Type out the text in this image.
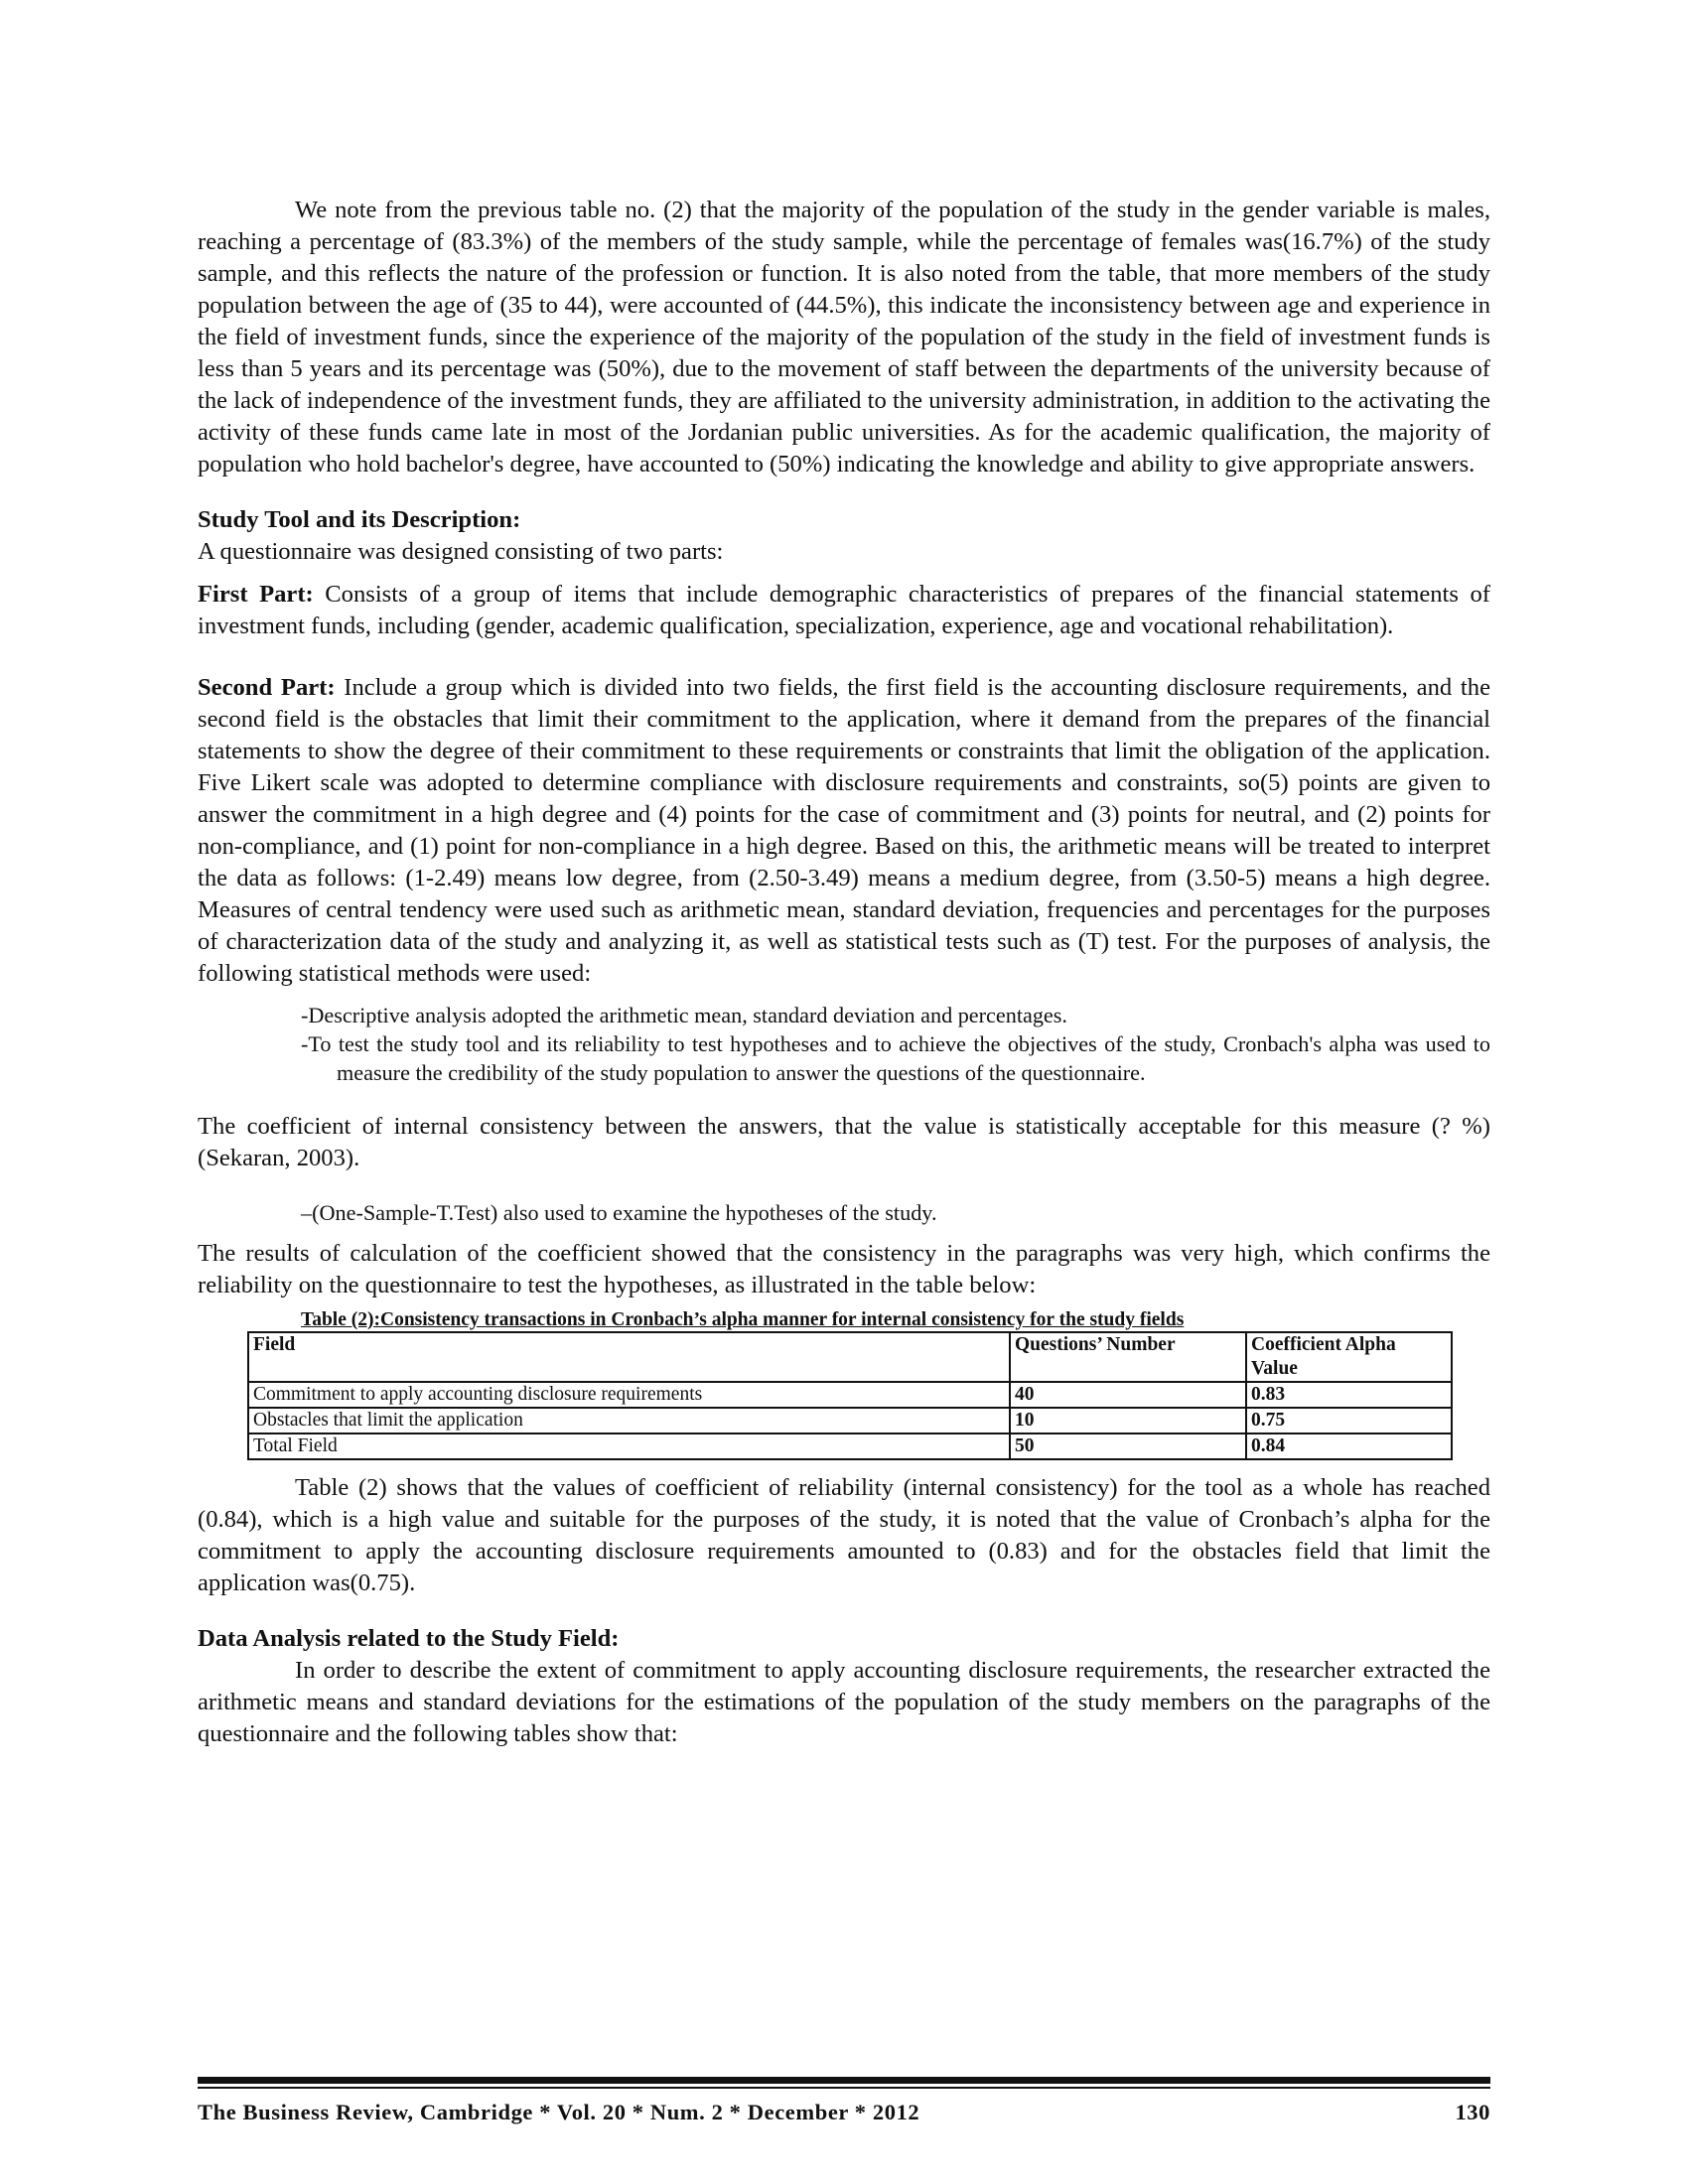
We note from the previous table no. (2) that the majority of the population of the study in the gender variable is males, reaching a percentage of (83.3%) of the members of the study sample, while the percentage of females was(16.7%) of the study sample, and this reflects the nature of the profession or function. It is also noted from the table, that more members of the study population between the age of (35 to 44), were accounted of (44.5%), this indicate the inconsistency between age and experience in the field of investment funds, since the experience of the majority of the population of the study in the field of investment funds is less than 5 years and its percentage was (50%), due to the movement of staff between the departments of the university because of the lack of independence of the investment funds, they are affiliated to the university administration, in addition to the activating the activity of these funds came late in most of the Jordanian public universities. As for the academic qualification, the majority of population who hold bachelor's degree, have accounted to (50%) indicating the knowledge and ability to give appropriate answers.

Study Tool and its Description:

A questionnaire was designed consisting of two parts:

First Part: Consists of a group of items that include demographic characteristics of prepares of the financial statements of investment funds, including (gender, academic qualification, specialization, experience, age and vocational rehabilitation).

Second Part: Include a group which is divided into two fields, the first field is the accounting disclosure requirements, and the second field is the obstacles that limit their commitment to the application, where it demand from the prepares of the financial statements to show the degree of their commitment to these requirements or constraints that limit the obligation of the application. Five Likert scale was adopted to determine compliance with disclosure requirements and constraints, so(5) points are given to answer the commitment in a high degree and (4) points for the case of commitment and (3) points for neutral, and (2) points for non-compliance, and (1) point for non-compliance in a high degree. Based on this, the arithmetic means will be treated to interpret the data as follows: (1-2.49) means low degree, from (2.50-3.49) means a medium degree, from (3.50-5) means a high degree. Measures of central tendency were used such as arithmetic mean, standard deviation, frequencies and percentages for the purposes of characterization data of the study and analyzing it, as well as statistical tests such as (T) test. For the purposes of analysis, the following statistical methods were used:

-Descriptive analysis adopted the arithmetic mean, standard deviation and percentages.
-To test the study tool and its reliability to test hypotheses and to achieve the objectives of the study, Cronbach's alpha was used to measure the credibility of the study population to answer the questions of the questionnaire.

The coefficient of internal consistency between the answers, that the value is statistically acceptable for this measure (? %) (Sekaran, 2003).

–(One-Sample-T.Test) also used to examine the hypotheses of the study.

The results of calculation of the coefficient showed that the consistency in the paragraphs was very high, which confirms the reliability on the questionnaire to test the hypotheses, as illustrated in the table below:

Table (2):Consistency transactions in Cronbach’s alpha manner for internal consistency for the study fields

Field	Questions’ Number	Coefficient Alpha Value
Commitment to apply accounting disclosure requirements	40	0.83
Obstacles that limit the application	10	0.75
Total Field	50	0.84

Table (2) shows that the values of coefficient of reliability (internal consistency) for the tool as a whole has reached (0.84), which is a high value and suitable for the purposes of the study, it is noted that the value of Cronbach’s alpha for the commitment to apply the accounting disclosure requirements amounted to (0.83) and for the obstacles field that limit the application was(0.75).

Data Analysis related to the Study Field:

In order to describe the extent of commitment to apply accounting disclosure requirements, the researcher extracted the arithmetic means and standard deviations for the estimations of the population of the study members on the paragraphs of the questionnaire and the following tables show that:

The Business Review, Cambridge * Vol. 20 * Num. 2 * December * 2012	130
